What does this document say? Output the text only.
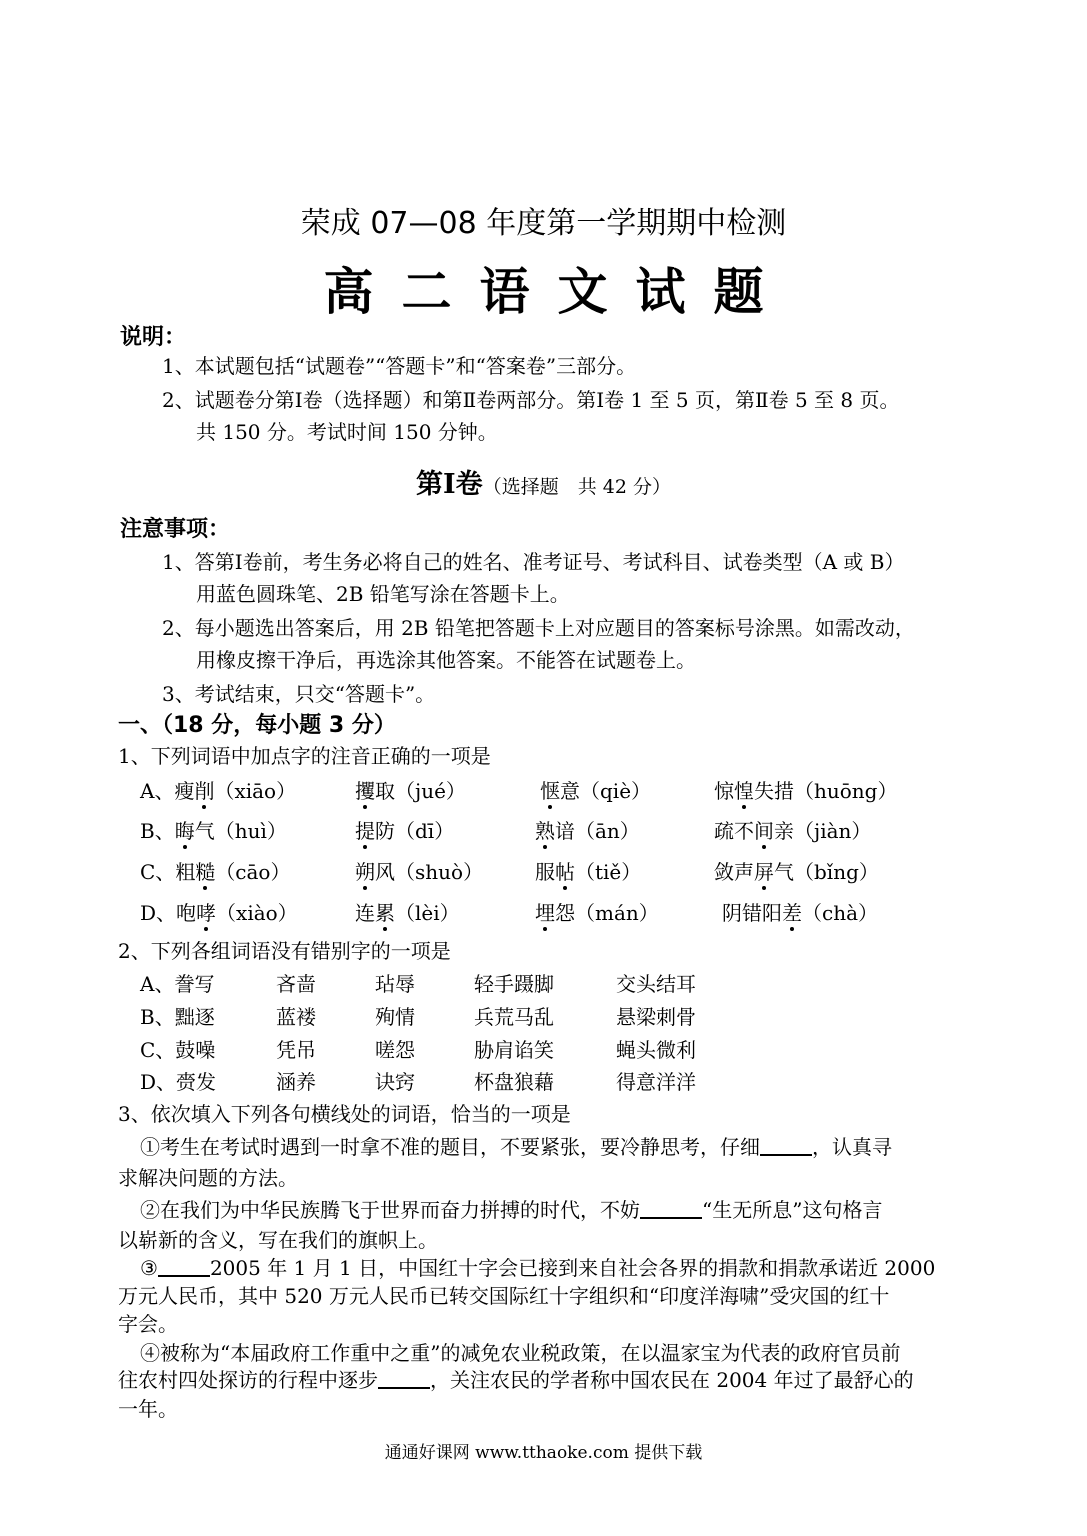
荣成 07—08 年度第一学期期中检测
高二语文试题
说明：
1、本试题包括“试题卷”“答题卡”和“答案卷”三部分。
2、试题卷分第Ⅰ卷（选择题）和第Ⅱ卷两部分。第Ⅰ卷 1 至 5 页，第Ⅱ卷 5 至 8 页。
共 150 分。考试时间 150 分钟。
第Ⅰ卷（选择题　共 42 分）
注意事项：
1、答第Ⅰ卷前，考生务必将自己的姓名、准考证号、考试科目、试卷类型（A 或 B）
用蓝色圆珠笔、2B 铅笔写涂在答题卡上。
2、每小题选出答案后，用 2B 铅笔把答题卡上对应题目的答案标号涂黑。如需改动，
用橡皮擦干净后，再选涂其他答案。不能答在试题卷上。
3、考试结束，只交“答题卡”。
一、（18 分，每小题 3 分）
1、下列词语中加点字的注音正确的一项是
A、瘦削（xiāo）	攫取（jué）	惬意（qiè）	惊惶失措（huōng）
B、晦气（huì）	提防（dī）	熟谙（ān）	疏不间亲（jiàn）
C、粗糙（cāo）	朔风（shuò）	服帖（tiě）	敛声屏气（bǐng）
D、咆哮（xiào）	连累（lèi）	埋怨（mán）	阴错阳差（chà）
2、下列各组词语没有错别字的一项是
A、誊写	吝啬	玷辱	轻手蹑脚	交头结耳
B、黜逐	蓝褛	殉情	兵荒马乱	悬梁刺骨
C、鼓噪	凭吊	嗟怨	胁肩谄笑	蝇头微利
D、赍发	涵养	诀窍	杯盘狼藉	得意洋洋
3、依次填入下列各句横线处的词语，恰当的一项是
①考生在考试时遇到一时拿不准的题目，不要紧张，要冷静思考，仔细	，认真寻
求解决问题的方法。
②在我们为中华民族腾飞于世界而奋力拼搏的时代，不妨	“生无所息”这句格言
以崭新的含义，写在我们的旗帜上。
③	2005 年 1 月 1 日，中国红十字会已接到来自社会各界的捐款和捐款承诺近 2000
万元人民币，其中 520 万元人民币已转交国际红十字组织和“印度洋海啸”受灾国的红十
字会。
④被称为“本届政府工作重中之重”的减免农业税政策，在以温家宝为代表的政府官员前
往农村四处探访的行程中逐步	，关注农民的学者称中国农民在 2004 年过了最舒心的
一年。
通通好课网 www.tthaoke.com 提供下载
